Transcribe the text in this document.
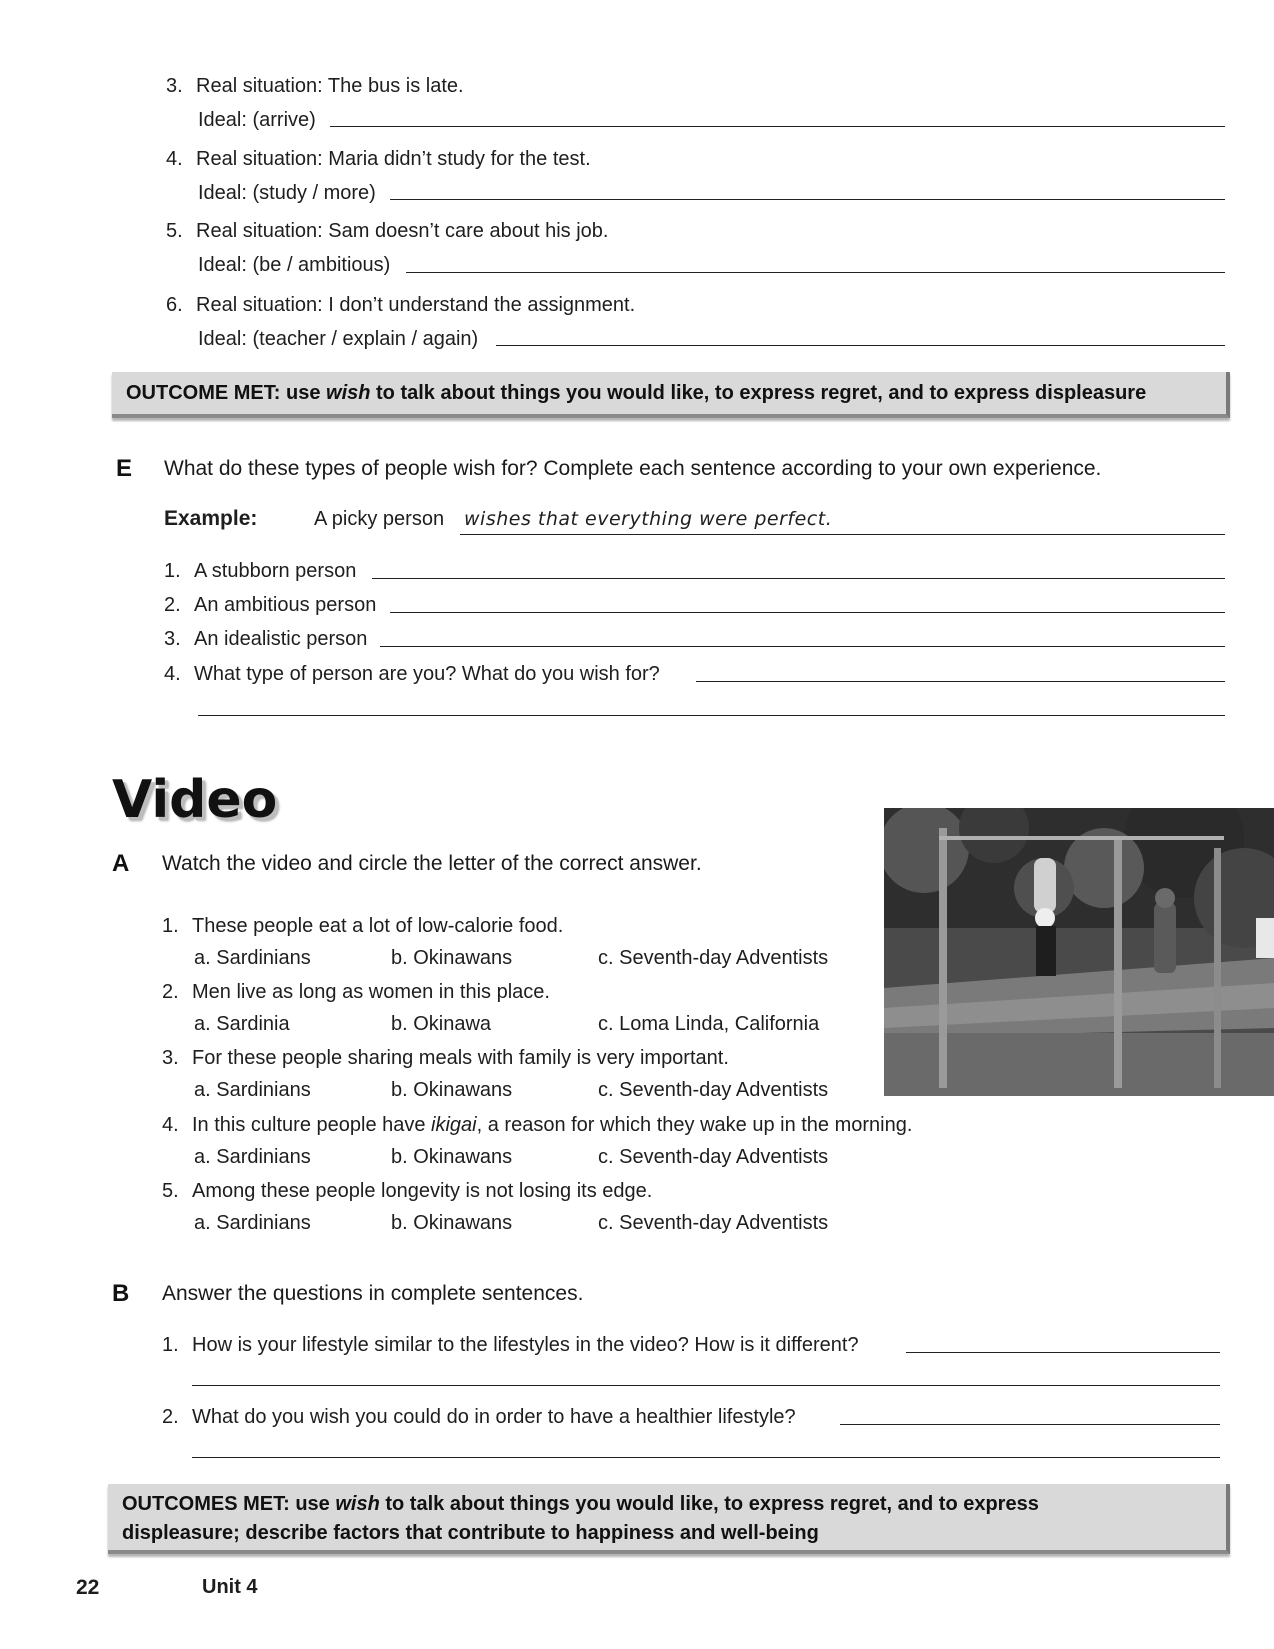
3. Real situation: The bus is late.
Ideal: (arrive)
4. Real situation: Maria didn’t study for the test.
Ideal: (study / more)
5. Real situation: Sam doesn’t care about his job.
Ideal: (be / ambitious)
6. Real situation: I don’t understand the assignment.
Ideal: (teacher / explain / again)
OUTCOME MET: use wish to talk about things you would like, to express regret, and to express displeasure
E What do these types of people wish for? Complete each sentence according to your own experience.
Example:	A picky person wishes that everything were perfect.
1. A stubborn person
2. An ambitious person
3. An idealistic person
4. What type of person are you? What do you wish for?
Video
A Watch the video and circle the letter of the correct answer.
1. These people eat a lot of low-calorie food.
a. Sardinians	b. Okinawans	c. Seventh-day Adventists
2. Men live as long as women in this place.
a. Sardinia	b. Okinawa	c. Loma Linda, California
3. For these people sharing meals with family is very important.
a. Sardinians	b. Okinawans	c. Seventh-day Adventists
4. In this culture people have ikigai, a reason for which they wake up in the morning.
a. Sardinians	b. Okinawans	c. Seventh-day Adventists
5. Among these people longevity is not losing its edge.
a. Sardinians	b. Okinawans	c. Seventh-day Adventists
B Answer the questions in complete sentences.
1. How is your lifestyle similar to the lifestyles in the video? How is it different?
2. What do you wish you could do in order to have a healthier lifestyle?
OUTCOMES MET: use wish to talk about things you would like, to express regret, and to express
displeasure; describe factors that contribute to happiness and well-being
22	Unit 4
